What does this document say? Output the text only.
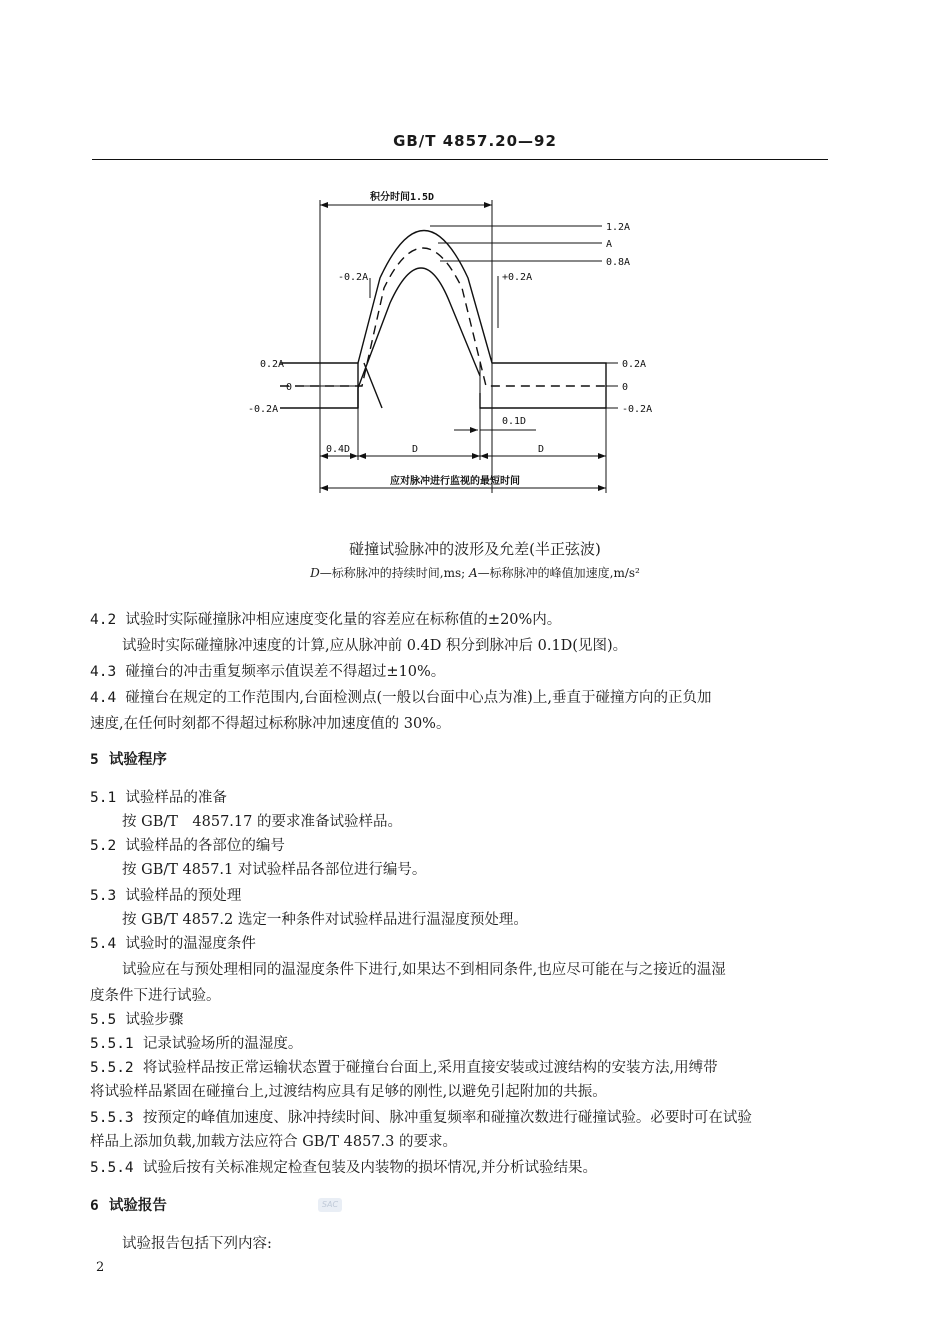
GB/T 4857.20—92
积分时间1.5D
1.2A
A
0.8A
-0.2A	+0.2A
0.2A
0
-0.2A
0.2A
0
-0.2A
0.1D
0.4D	D	D
应对脉冲进行监视的最短时间
碰撞试验脉冲的波形及允差(半正弦波)
D—标称脉冲的持续时间,ms; A—标称脉冲的峰值加速度,m/s²
4.2 试验时实际碰撞脉冲相应速度变化量的容差应在标称值的±20%内。
试验时实际碰撞脉冲速度的计算,应从脉冲前 0.4D 积分到脉冲后 0.1D(见图)。
4.3 碰撞台的冲击重复频率示值误差不得超过±10%。
4.4 碰撞台在规定的工作范围内,台面检测点(一般以台面中心点为准)上,垂直于碰撞方向的正负加
速度,在任何时刻都不得超过标称脉冲加速度值的 30%。
5 试验程序
5.1 试验样品的准备
按 GB/T　4857.17 的要求准备试验样品。
5.2 试验样品的各部位的编号
按 GB/T 4857.1 对试验样品各部位进行编号。
5.3 试验样品的预处理
按 GB/T 4857.2 选定一种条件对试验样品进行温湿度预处理。
5.4 试验时的温湿度条件
试验应在与预处理相同的温湿度条件下进行,如果达不到相同条件,也应尽可能在与之接近的温湿
度条件下进行试验。
5.5 试验步骤
5.5.1 记录试验场所的温湿度。
5.5.2 将试验样品按正常运输状态置于碰撞台台面上,采用直接安装或过渡结构的安装方法,用缚带
将试验样品紧固在碰撞台上,过渡结构应具有足够的刚性,以避免引起附加的共振。
5.5.3 按预定的峰值加速度、脉冲持续时间、脉冲重复频率和碰撞次数进行碰撞试验。必要时可在试验
样品上添加负载,加载方法应符合 GB/T 4857.3 的要求。
5.5.4 试验后按有关标准规定检查包装及内装物的损坏情况,并分析试验结果。
6 试验报告	SAC
试验报告包括下列内容:
2
